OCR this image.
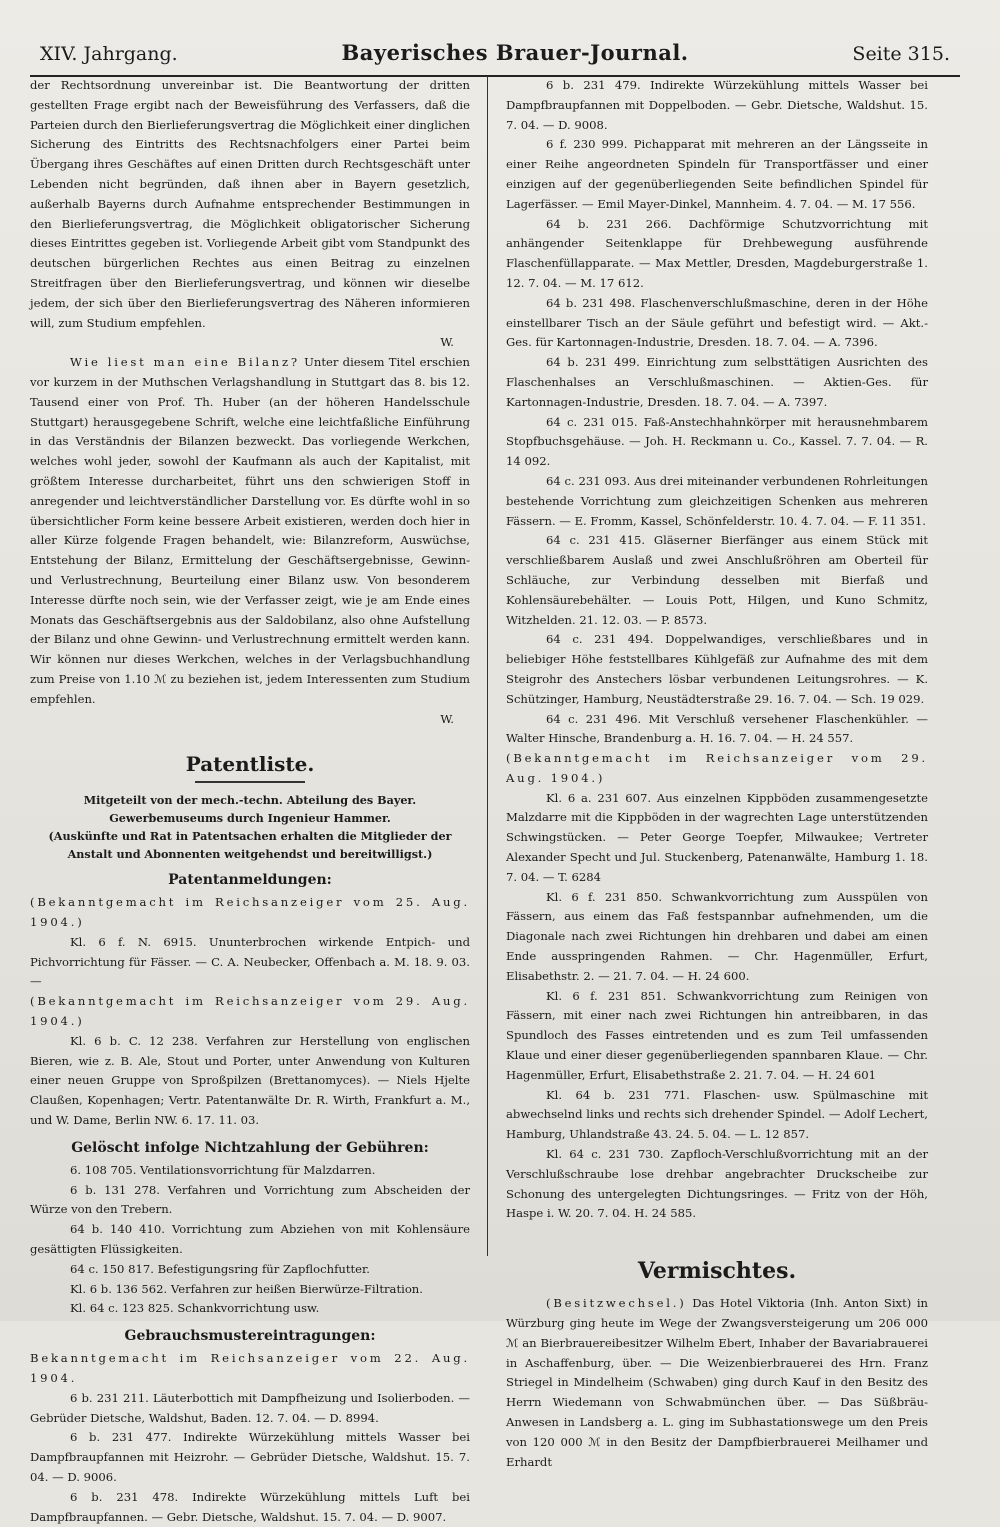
XIV. Jahrgang.	Bayerisches Brauer-Journal.	Seite 315.

der Rechtsordnung unvereinbar ist. Die Beantwortung der dritten gestellten Frage ergibt nach der Beweisführung des Verfassers, daß die Parteien durch den Bierlieferungsvertrag die Möglichkeit einer dinglichen Sicherung des Eintritts des Rechtsnachfolgers einer Partei beim Übergang ihres Geschäftes auf einen Dritten durch Rechtsgeschäft unter Lebenden nicht begründen, daß ihnen aber in Bayern gesetzlich, außerhalb Bayerns durch Aufnahme entsprechender Bestimmungen in den Bierlieferungsvertrag, die Möglichkeit obligatorischer Sicherung dieses Eintrittes gegeben ist. Vorliegende Arbeit gibt vom Standpunkt des deutschen bürgerlichen Rechtes aus einen Beitrag zu einzelnen Streitfragen über den Bierlieferungsvertrag, und können wir dieselbe jedem, der sich über den Bierlieferungsvertrag des Näheren informieren will, zum Studium empfehlen.
W.

Wie liest man eine Bilanz? Unter diesem Titel erschien vor kurzem in der Muthschen Verlagshandlung in Stuttgart das 8. bis 12. Tausend einer von Prof. Th. Huber (an der höheren Handelsschule Stuttgart) herausgegebene Schrift, welche eine leichtfaßliche Einführung in das Verständnis der Bilanzen bezweckt. Das vorliegende Werkchen, welches wohl jeder, sowohl der Kaufmann als auch der Kapitalist, mit größtem Interesse durcharbeitet, führt uns den schwierigen Stoff in anregender und leichtverständlicher Darstellung vor. Es dürfte wohl in so übersichtlicher Form keine bessere Arbeit existieren, werden doch hier in aller Kürze folgende Fragen behandelt, wie: Bilanzreform, Auswüchse, Entstehung der Bilanz, Ermittelung der Geschäftsergebnisse, Gewinn- und Verlustrechnung, Beurteilung einer Bilanz usw. Von besonderem Interesse dürfte noch sein, wie der Verfasser zeigt, wie je am Ende eines Monats das Geschäftsergebnis aus der Saldobilanz, also ohne Aufstellung der Bilanz und ohne Gewinn- und Verlustrechnung ermittelt werden kann. Wir können nur dieses Werkchen, welches in der Verlagsbuchhandlung zum Preise von 1.10 ℳ zu beziehen ist, jedem Interessenten zum Studium empfehlen.
W.

Patentliste.

Mitgeteilt von der mech.-techn. Abteilung des Bayer. Gewerbemuseums durch Ingenieur Hammer.

(Auskünfte und Rat in Patentsachen erhalten die Mitglieder der Anstalt und Abonnenten weitgehendst und bereitwilligst.)

Patentanmeldungen:

(Bekanntgemacht im Reichsanzeiger vom 25. Aug. 1904.)

Kl. 6 f. N. 6915. Ununterbrochen wirkende Entpich- und Pichvorrichtung für Fässer. — C. A. Neubecker, Offenbach a. M. 18. 9. 03. —

(Bekanntgemacht im Reichsanzeiger vom 29. Aug. 1904.)

Kl. 6 b. C. 12 238. Verfahren zur Herstellung von englischen Bieren, wie z. B. Ale, Stout und Porter, unter Anwendung von Kulturen einer neuen Gruppe von Sproßpilzen (Brettanomyces). — Niels Hjelte Claußen, Kopenhagen; Vertr. Patentanwälte Dr. R. Wirth, Frankfurt a. M., und W. Dame, Berlin NW. 6. 17. 11. 03.

Gelöscht infolge Nichtzahlung der Gebühren:

6. 108 705. Ventilationsvorrichtung für Malzdarren.

6 b. 131 278. Verfahren und Vorrichtung zum Abscheiden der Würze von den Trebern.

64 b. 140 410. Vorrichtung zum Abziehen von mit Kohlensäure gesättigten Flüssigkeiten.

64 c. 150 817. Befestigungsring für Zapflochfutter.

Kl. 6 b. 136 562. Verfahren zur heißen Bierwürze-Filtration.

Kl. 64 c. 123 825. Schankvorrichtung usw.

Gebrauchsmustereintragungen:

Bekanntgemacht im Reichsanzeiger vom 22. Aug. 1904.

6 b. 231 211. Läuterbottich mit Dampfheizung und Isolierboden. — Gebrüder Dietsche, Waldshut, Baden. 12. 7. 04. — D. 8994.

6 b. 231 477. Indirekte Würzekühlung mittels Wasser bei Dampfbraupfannen mit Heizrohr. — Gebrüder Dietsche, Waldshut. 15. 7. 04. — D. 9006.

6 b. 231 478. Indirekte Würzekühlung mittels Luft bei Dampfbraupfannen. — Gebr. Dietsche, Waldshut. 15. 7. 04. — D. 9007.

6 b. 231 479. Indirekte Würzekühlung mittels Wasser bei Dampfbraupfannen mit Doppelboden. — Gebr. Dietsche, Waldshut. 15. 7. 04. — D. 9008.

6 f. 230 999. Pichapparat mit mehreren an der Längsseite in einer Reihe angeordneten Spindeln für Transportfässer und einer einzigen auf der gegenüberliegenden Seite befindlichen Spindel für Lagerfässer. — Emil Mayer-Dinkel, Mannheim. 4. 7. 04. — M. 17 556.

64 b. 231 266. Dachförmige Schutzvorrichtung mit anhängender Seitenklappe für Drehbewegung ausführende Flaschenfüllapparate. — Max Mettler, Dresden, Magdeburgerstraße 1. 12. 7. 04. — M. 17 612.

64 b. 231 498. Flaschenverschlußmaschine, deren in der Höhe einstellbarer Tisch an der Säule geführt und befestigt wird. — Akt.-Ges. für Kartonnagen-Industrie, Dresden. 18. 7. 04. — A. 7396.

64 b. 231 499. Einrichtung zum selbsttätigen Ausrichten des Flaschenhalses an Verschlußmaschinen. — Aktien-Ges. für Kartonnagen-Industrie, Dresden. 18. 7. 04. — A. 7397.

64 c. 231 015. Faß-Anstechhahnkörper mit herausnehmbarem Stopfbuchsgehäuse. — Joh. H. Reckmann u. Co., Kassel. 7. 7. 04. — R. 14 092.

64 c. 231 093. Aus drei miteinander verbundenen Rohrleitungen bestehende Vorrichtung zum gleichzeitigen Schenken aus mehreren Fässern. — E. Fromm, Kassel, Schönfelderstr. 10. 4. 7. 04. — F. 11 351.

64 c. 231 415. Gläserner Bierfänger aus einem Stück mit verschließbarem Auslaß und zwei Anschlußröhren am Oberteil für Schläuche, zur Verbindung desselben mit Bierfaß und Kohlensäurebehälter. — Louis Pott, Hilgen, und Kuno Schmitz, Witzhelden. 21. 12. 03. — P. 8573.

64 c. 231 494. Doppelwandiges, verschließbares und in beliebiger Höhe feststellbares Kühlgefäß zur Aufnahme des mit dem Steigrohr des Anstechers lösbar verbundenen Leitungsrohres. — K. Schützinger, Hamburg, Neustädterstraße 29. 16. 7. 04. — Sch. 19 029.

64 c. 231 496. Mit Verschluß versehener Flaschenkühler. — Walter Hinsche, Brandenburg a. H. 16. 7. 04. — H. 24 557.

(Bekanntgemacht im Reichsanzeiger vom 29. Aug. 1904.)

Kl. 6 a. 231 607. Aus einzelnen Kippböden zusammengesetzte Malzdarre mit die Kippböden in der wagrechten Lage unterstützenden Schwingstücken. — Peter George Toepfer, Milwaukee; Vertreter Alexander Specht und Jul. Stuckenberg, Patenanwälte, Hamburg 1. 18. 7. 04. — T. 6284

Kl. 6 f. 231 850. Schwankvorrichtung zum Ausspülen von Fässern, aus einem das Faß festspannbar aufnehmenden, um die Diagonale nach zwei Richtungen hin drehbaren und dabei am einen Ende ausspringenden Rahmen. — Chr. Hagenmüller, Erfurt, Elisabethstr. 2. — 21. 7. 04. — H. 24 600.

Kl. 6 f. 231 851. Schwankvorrichtung zum Reinigen von Fässern, mit einer nach zwei Richtungen hin antreibbaren, in das Spundloch des Fasses eintretenden und es zum Teil umfassenden Klaue und einer dieser gegenüberliegenden spannbaren Klaue. — Chr. Hagenmüller, Erfurt, Elisabethstraße 2. 21. 7. 04. — H. 24 601

Kl. 64 b. 231 771. Flaschen- usw. Spülmaschine mit abwechselnd links und rechts sich drehender Spindel. — Adolf Lechert, Hamburg, Uhlandstraße 43. 24. 5. 04. — L. 12 857.

Kl. 64 c. 231 730. Zapfloch-Verschlußvorrichtung mit an der Verschlußschraube lose drehbar angebrachter Druckscheibe zur Schonung des untergelegten Dichtungsringes. — Fritz von der Höh, Haspe i. W. 20. 7. 04. H. 24 585.

Vermischtes.

(Besitzwechsel.) Das Hotel Viktoria (Inh. Anton Sixt) in Würzburg ging heute im Wege der Zwangsversteigerung um 206 000 ℳ an Bierbrauereibesitzer Wilhelm Ebert, Inhaber der Bavariabrauerei in Aschaffenburg, über. — Die Weizenbierbrauerei des Hrn. Franz Striegel in Mindelheim (Schwaben) ging durch Kauf in den Besitz des Herrn Wiedemann von Schwabmünchen über. — Das Süßbräu-Anwesen in Landsberg a. L. ging im Subhastationswege um den Preis von 120 000 ℳ in den Besitz der Dampfbierbrauerei Meilhamer und Erhardt
